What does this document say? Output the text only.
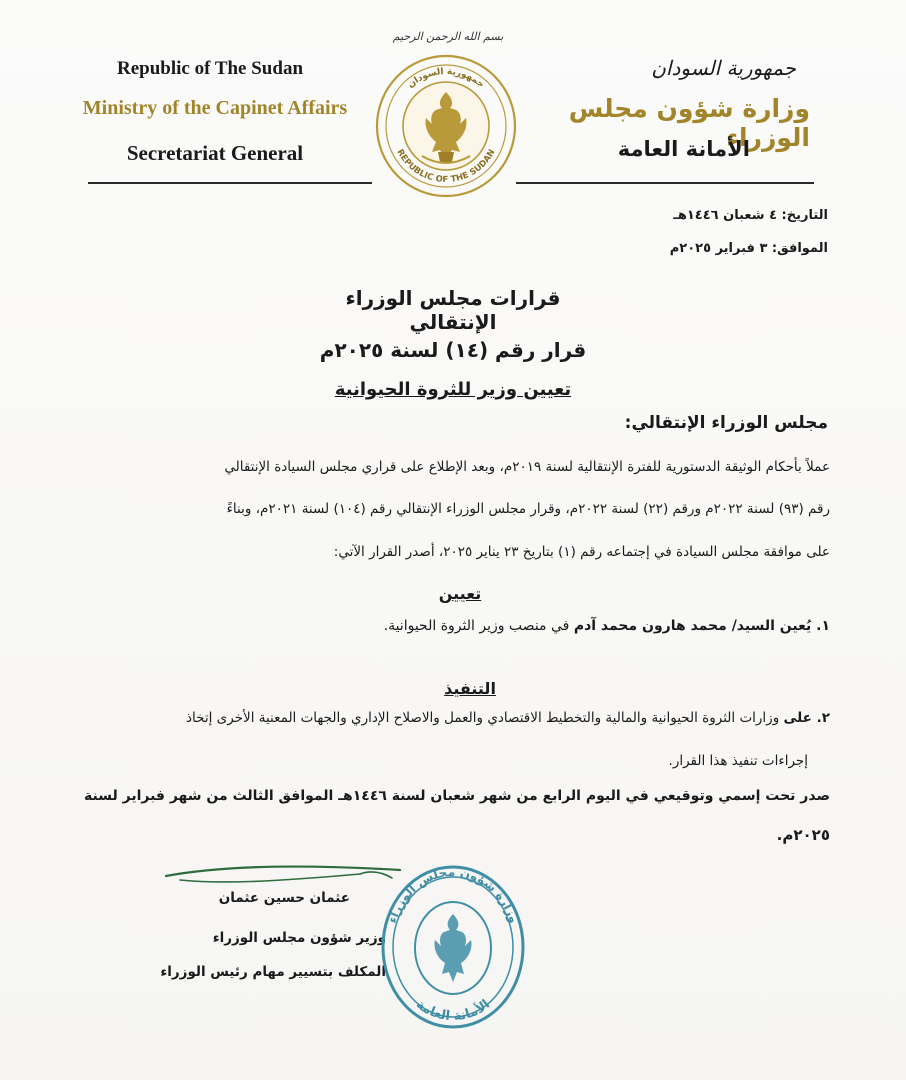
Republic of The Sudan
Ministry of the Capinet Affairs
Secretariat General
بسم الله الرحمن الرحيم
جمهورية السودان
REPUBLIC OF THE SUDAN
جمهورية السودان
وزارة شؤون مجلس الوزراء
الأمانة العامة
التاريخ: ٤ شعبان ١٤٤٦هـ
الموافق: ٣ فبراير ٢٠٢٥م
قرارات مجلس الوزراء الإنتقالي
قرار رقم (١٤) لسنة ٢٠٢٥م
تعيين وزير للثروة الحيوانية
مجلس الوزراء الإنتقالي:
عملاً بأحكام الوثيقة الدستورية للفترة الإنتقالية لسنة ٢٠١٩م، وبعد الإطلاع على قراري مجلس السيادة الإنتقالي
رقم (٩٣) لسنة ٢٠٢٢م ورقم (٢٢) لسنة ٢٠٢٢م، وقرار مجلس الوزراء الإنتقالي رقم (١٠٤) لسنة ٢٠٢١م، وبناءً
على موافقة مجلس السيادة في إجتماعه رقم (١) بتاريخ ٢٣ يناير ٢٠٢٥، أصدر القرار الآتي:
تعيين
١. يُعين السيد/ محمد هارون محمد آدم في منصب وزير الثروة الحيوانية.
التنفيذ
٢. على وزارات الثروة الحيوانية والمالية والتخطيط الاقتصادي والعمل والاصلاح الإداري والجهات المعنية الأخرى إتخاذ
إجراءات تنفيذ هذا القرار.
صدر تحت إسمي وتوقيعي في اليوم الرابع من شهر شعبان لسنة ١٤٤٦هـ الموافق الثالث من شهر فبراير لسنة
٢٠٢٥م.
عثمان حسين عثمان
وزير شؤون مجلس الوزراء
المكلف بتسيير مهام رئيس الوزراء
وزارة شؤون مجلس الوزراء
الأمانة العامة
